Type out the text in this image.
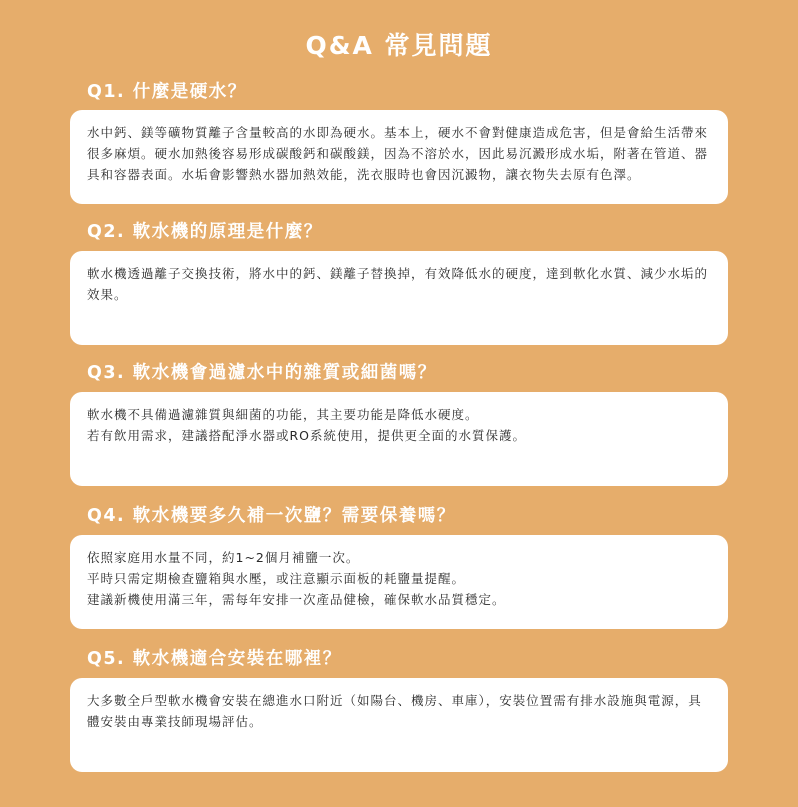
Q&A 常見問題
Q1. 什麼是硬水？

水中鈣、鎂等礦物質離子含量較高的水即為硬水。基本上，硬水不會對健康造成危害，但是會給生活帶來很多麻煩。硬水加熱後容易形成碳酸鈣和碳酸鎂，因為不溶於水，因此易沉澱形成水垢，附著在管道、器具和容器表面。水垢會影響熱水器加熱效能，洗衣服時也會因沉澱物，讓衣物失去原有色澤。

Q2. 軟水機的原理是什麼？

軟水機透過離子交換技術，將水中的鈣、鎂離子替換掉，有效降低水的硬度，達到軟化水質、減少水垢的效果。

Q3. 軟水機會過濾水中的雜質或細菌嗎？

軟水機不具備過濾雜質與細菌的功能，其主要功能是降低水硬度。

若有飲用需求，建議搭配淨水器或RO系統使用，提供更全面的水質保護。

Q4. 軟水機要多久補一次鹽？需要保養嗎？

依照家庭用水量不同，約1~2個月補鹽一次。

平時只需定期檢查鹽箱與水壓，或注意顯示面板的耗鹽量提醒。

建議新機使用滿三年，需每年安排一次產品健檢，確保軟水品質穩定。

Q5. 軟水機適合安裝在哪裡？

大多數全戶型軟水機會安裝在總進水口附近（如陽台、機房、車庫），安裝位置需有排水設施與電源，具體安裝由專業技師現場評估。
